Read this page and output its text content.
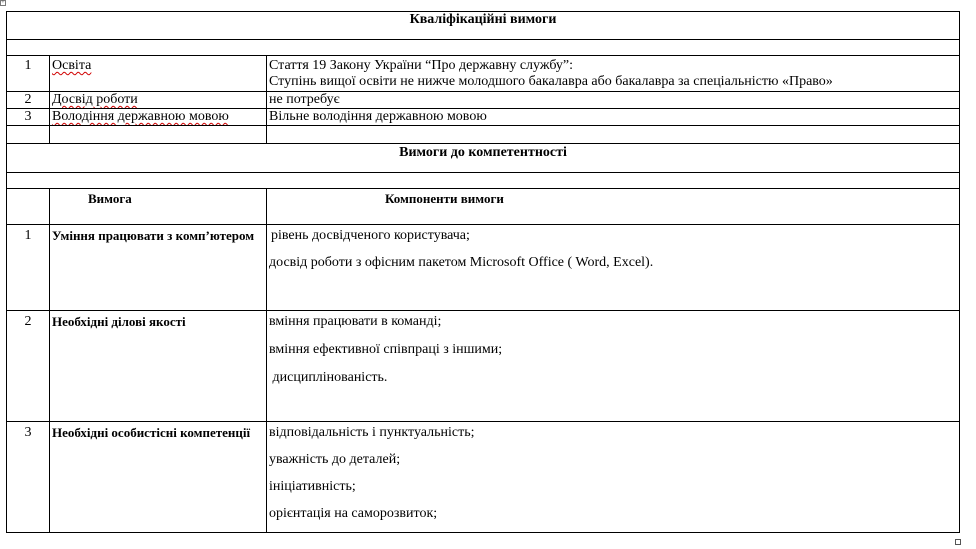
+
Кваліфікаційні вимоги		

1	Освіта	Стаття 19 Закону України “Про державну службу”:
Ступінь вищої освіти не нижче молодшого бакалавра або бакалавра за спеціальністю «Право»

2	Досвід роботи	не потребує
3	Володіння державною мовою	Вільне володіння державною мовою

Вимоги до компетентності		

	Вимога	Компоненти вимоги
1	Уміння працювати з комп’ютером	рівень досвідченого користувача;

досвід роботи з офісним пакетом Microsoft Office ( Word, Excel).

2	Необхідні ділові якості	вміння працювати в команді;

вміння ефективної співпраці з іншими;

дисциплінованість.

3	Необхідні особистісні компетенції	відповідальність і пунктуальність;

уважність до деталей;

ініціативність;

орієнтація на саморозвиток;
